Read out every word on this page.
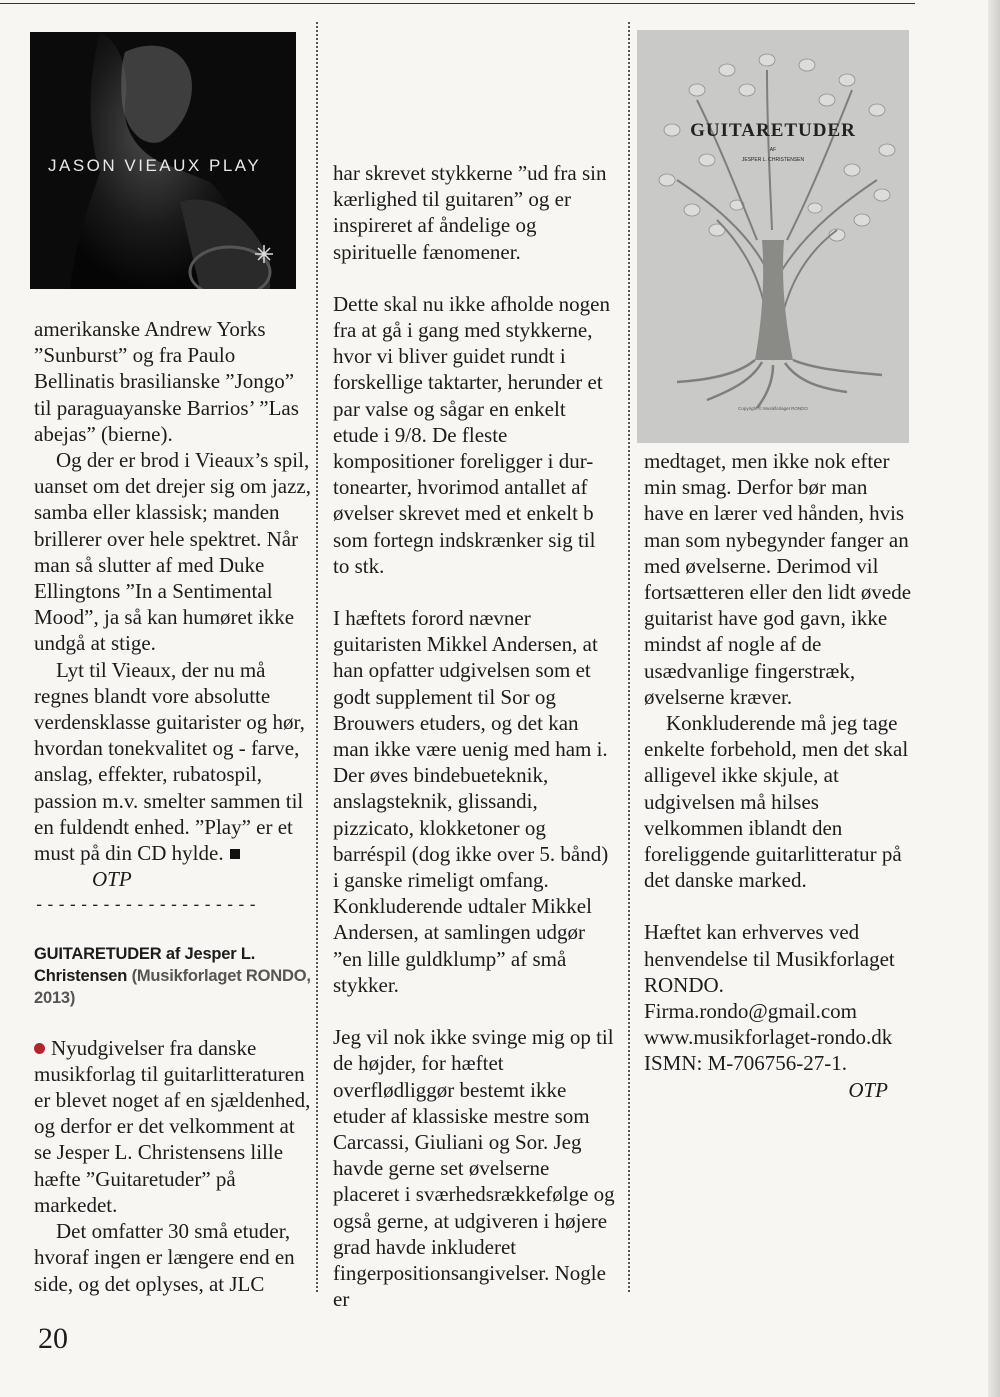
JASON VIEAUX PLAY
GUITARETUDER
AF
JESPER L. CHRISTENSEN
Copyright © Musikforlaget RONDO

amerikanske Andrew Yorks ”Sunburst” og fra Paulo Bellinatis brasilianske ”Jongo” til paraguayanske Barrios’ ”Las abejas” (bierne).

Og der er brod i Vieaux’s spil, uanset om det drejer sig om jazz, samba eller klassisk; manden brillerer over hele spektret. Når man så slutter af med Duke Ellingtons ”In a Sentimental Mood”, ja så kan humøret ikke undgå at stige.

Lyt til Vieaux, der nu må regnes blandt vore absolutte verdensklasse guitarister og hør, hvordan tonekvalitet og - farve, anslag, effekter, rubatospil, passion m.v. smelter sammen til en fuldendt enhed. ”Play” er et must på din CD hylde.OTP

--------------------

GUITARETUDER af Jesper L. Christensen (Musikforlaget RONDO, 2013)

Nyudgivelser fra danske musikforlag til guitarlitteraturen er blevet noget af en sjældenhed, og derfor er det velkomment at se Jesper L. Christensens lille hæfte ”Guitaretuder” på markedet.

Det omfatter 30 små etuder, hvoraf ingen er længere end en side, og det oplyses, at JLC

har skrevet stykkerne ”ud fra sin kærlighed til guitaren” og er inspireret af åndelige og spirituelle fænomener.

Dette skal nu ikke afholde nogen fra at gå i gang med stykkerne, hvor vi bliver guidet rundt i forskellige taktarter, herunder et par valse og sågar en enkelt etude i 9/8. De fleste kompositioner foreligger i dur-tonearter, hvorimod antallet af øvelser skrevet med et enkelt b som fortegn indskrænker sig til to stk.

I hæftets forord nævner guitaristen Mikkel Andersen, at han opfatter udgivelsen som et godt supplement til Sor og Brouwers etuders, og det kan man ikke være uenig med ham i. Der øves bindebueteknik, anslagsteknik, glissandi, pizzicato, klokketoner og barréspil (dog ikke over 5. bånd) i ganske rimeligt omfang. Konkluderende udtaler Mikkel Andersen, at samlingen udgør ”en lille guldklump” af små stykker.

Jeg vil nok ikke svinge mig op til de højder, for hæftet overflødliggør bestemt ikke etuder af klassiske mestre som Carcassi, Giuliani og Sor. Jeg havde gerne set øvelserne placeret i sværhedsrækkefølge og også gerne, at udgiveren i højere grad havde inkluderet fingerpositionsangivelser. Nogle er

medtaget, men ikke nok efter min smag. Derfor bør man have en lærer ved hånden, hvis man som nybegynder fanger an med øvelserne. Derimod vil fortsætteren eller den lidt øvede guitarist have god gavn, ikke mindst af nogle af de usædvanlige fingerstræk, øvelserne kræver.

Konkluderende må jeg tage enkelte forbehold, men det skal alligevel ikke skjule, at udgivelsen må hilses velkommen iblandt den foreliggende guitarlitteratur på det danske marked.

Hæftet kan erhverves ved henvendelse til Musikforlaget RONDO.

Firma.rondo@gmail.com

www.musikforlaget-rondo.dk

ISMN: M-706756-27-1.

OTP

20
